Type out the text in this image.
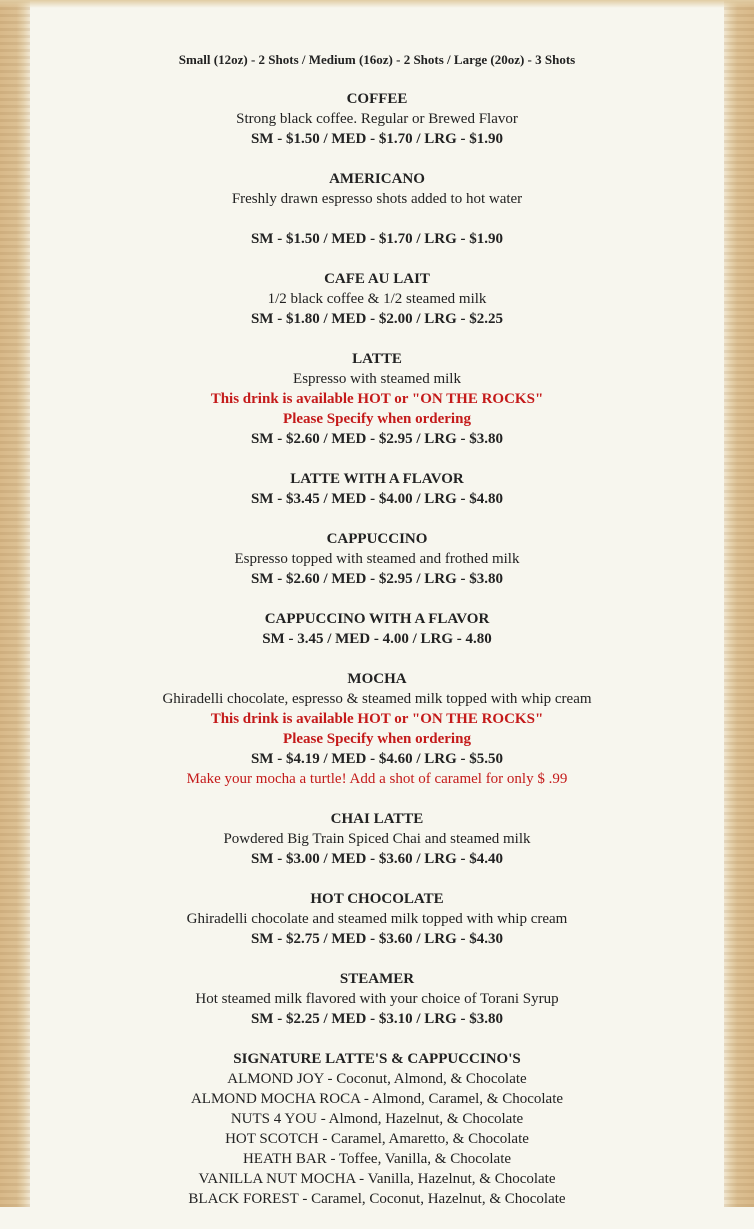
Small (12oz) - 2 Shots / Medium (16oz) - 2 Shots / Large (20oz) - 3 Shots
COFFEE
Strong black coffee. Regular or Brewed Flavor
SM - $1.50 / MED - $1.70 / LRG - $1.90
AMERICANO
Freshly drawn espresso shots added to hot water
SM - $1.50 / MED - $1.70 / LRG - $1.90
CAFE AU LAIT
1/2 black coffee & 1/2 steamed milk
SM - $1.80 / MED - $2.00 / LRG - $2.25
LATTE
Espresso with steamed milk
This drink is available HOT or "ON THE ROCKS"
Please Specify when ordering
SM - $2.60 / MED - $2.95 / LRG - $3.80
LATTE WITH A FLAVOR
SM - $3.45 / MED - $4.00 / LRG - $4.80
CAPPUCCINO
Espresso topped with steamed and frothed milk
SM - $2.60 / MED - $2.95 / LRG - $3.80
CAPPUCCINO WITH A FLAVOR
SM - 3.45 / MED - 4.00 / LRG - 4.80
MOCHA
Ghiradelli chocolate, espresso & steamed milk topped with whip cream
This drink is available HOT or "ON THE ROCKS"
Please Specify when ordering
SM - $4.19 / MED - $4.60 / LRG - $5.50
Make your mocha a turtle! Add a shot of caramel for only $ .99
CHAI LATTE
Powdered Big Train Spiced Chai and steamed milk
SM - $3.00 / MED - $3.60 / LRG - $4.40
HOT CHOCOLATE
Ghiradelli chocolate and steamed milk topped with whip cream
SM - $2.75 / MED - $3.60 / LRG - $4.30
STEAMER
Hot steamed milk flavored with your choice of Torani Syrup
SM - $2.25 / MED - $3.10 / LRG - $3.80
SIGNATURE LATTE'S & CAPPUCCINO'S
ALMOND JOY - Coconut, Almond, & Chocolate
ALMOND MOCHA ROCA - Almond, Caramel, & Chocolate
NUTS 4 YOU - Almond, Hazelnut, & Chocolate
HOT SCOTCH - Caramel, Amaretto, & Chocolate
HEATH BAR - Toffee, Vanilla, & Chocolate
VANILLA NUT MOCHA - Vanilla, Hazelnut, & Chocolate
BLACK FOREST - Caramel, Coconut, Hazelnut, & Chocolate
